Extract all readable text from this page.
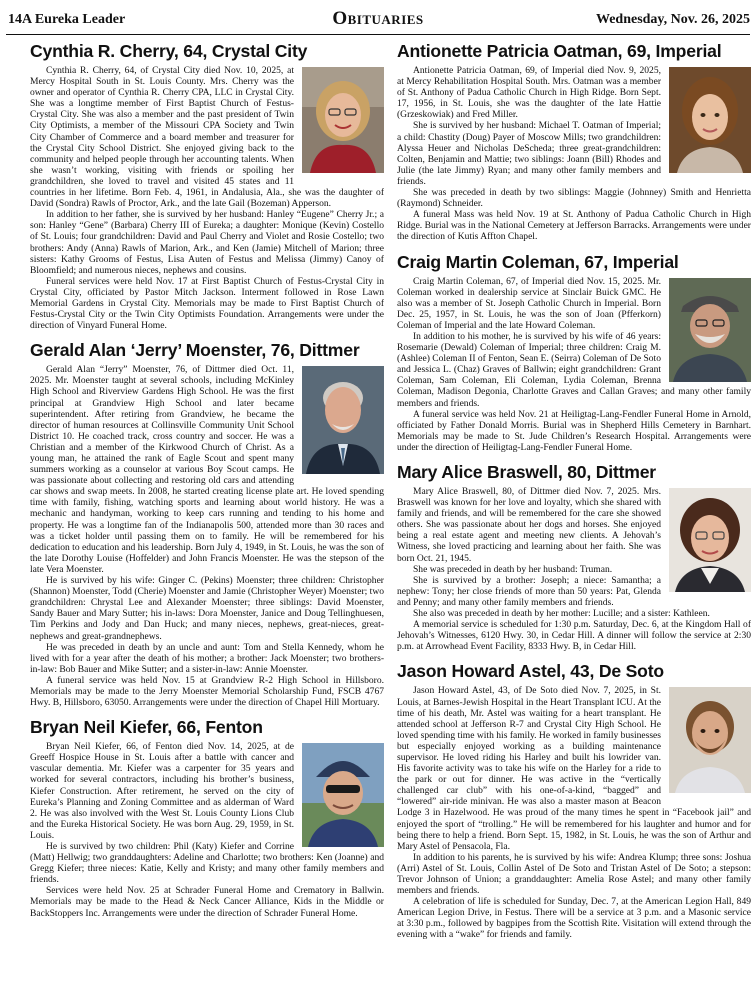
14A Eureka Leader	Obituaries	Wednesday, Nov. 26, 2025
Cynthia R. Cherry, 64, Crystal City

Cynthia R. Cherry, 64, of Crystal City died Nov. 10, 2025, at Mercy Hospital South in St. Louis County. Mrs. Cherry was the owner and operator of Cynthia R. Cherry CPA, LLC in Crystal City. She was a longtime member of First Baptist Church of Festus-Crystal City. She was also a member and the past president of Twin City Optimists, a member of the Missouri CPA Society and Twin City Chamber of Commerce and a board member and treasurer for the Crystal City School District. She enjoyed giving back to the community and helped people through her accounting talents. When she wasn’t working, visiting with friends or spoiling her grandchildren, she loved to travel and visited 45 states and 11 countries in her lifetime. Born Feb. 4, 1961, in Andalusia, Ala., she was the daughter of David (Sondra) Rawls of Proctor, Ark., and the late Gail (Bozeman) Apperson.

In addition to her father, she is survived by her husband: Hanley “Eugene” Cherry Jr.; a son: Hanley “Gene” (Barbara) Cherry III of Eureka; a daughter: Monique (Kevin) Costello of St. Louis; four grandchildren: David and Paul Cherry and Violet and Rosie Costello; two brothers: Andy (Anna) Rawls of Marion, Ark., and Ken (Jamie) Mitchell of Marion; three sisters: Kathy Grooms of Festus, Lisa Auten of Festus and Melissa (Jimmy) Canoy of Bloomfield; and numerous nieces, nephews and cousins.

Funeral services were held Nov. 17 at First Baptist Church of Festus-Crystal City in Crystal City, officiated by Pastor Mitch Jackson. Interment followed in Rose Lawn Memorial Gardens in Crystal City. Memorials may be made to First Baptist Church of Festus-Crystal City or the Twin City Optimists Foundation. Arrangements were under the direction of Vinyard Funeral Home.

Gerald Alan ‘Jerry’ Moenster, 76, Dittmer

Gerald Alan “Jerry” Moenster, 76, of Dittmer died Oct. 11, 2025. Mr. Moenster taught at several schools, including McKinley High School and Riverview Gardens High School. He was the first principal at Grandview High School and later became superintendent. After retiring from Grandview, he became the director of human resources at Collinsville Community Unit School District 10. He coached track, cross country and soccer. He was a Christian and a member of the Kirkwood Church of Christ. As a young man, he attained the rank of Eagle Scout and spent many summers working as a counselor at various Boy Scout camps. He was passionate about collecting and restoring old cars and attending car shows and swap meets. In 2008, he started creating license plate art. He loved spending time with family, fishing, watching sports and learning about world history. He was a mechanic and handyman, working to keep cars running and tending to his home and property. He was a longtime fan of the Indianapolis 500, attended more than 30 races and was a ticket holder until passing them on to family. He will be remembered for his dedication to education and his leadership. Born July 4, 1949, in St. Louis, he was the son of the late Dorothy Louise (Hoffelder) and John Francis Moenster. He was the stepson of the late Vera Moenster.

He is survived by his wife: Ginger C. (Pekins) Moenster; three children: Christopher (Shannon) Moenster, Todd (Cherie) Moenster and Jamie (Christopher Weyer) Moenster; two grandchildren: Chrystal Lee and Alexander Moenster; three siblings: David Moenster, Sandy Bauer and Mary Sutter; his in-laws: Dora Moenster, Janice and Doug Tellinghuesen, Tim Perkins and Jody and Dan Huck; and many nieces, nephews, great-nieces, great-nephews and great-grandnephews.

He was preceded in death by an uncle and aunt: Tom and Stella Kennedy, whom he lived with for a year after the death of his mother; a brother: Jack Moenster; two brothers-in-law: Bob Bauer and Mike Sutter; and a sister-in-law: Annie Moenster.

A funeral service was held Nov. 15 at Grandview R-2 High School in Hillsboro. Memorials may be made to the Jerry Moenster Memorial Scholarship Fund, FSCB 4767 Hwy. B, Hillsboro, 63050. Arrangements were under the direction of Chapel Hill Mortuary.

Bryan Neil Kiefer, 66, Fenton

Bryan Neil Kiefer, 66, of Fenton died Nov. 14, 2025, at de Greeff Hospice House in St. Louis after a battle with cancer and vascular dementia. Mr. Kiefer was a carpenter for 35 years and worked for several contractors, including his brother’s business, Kiefer Construction. After retirement, he served on the city of Eureka’s Planning and Zoning Committee and as alderman of Ward 2. He was also involved with the West St. Louis County Lions Club and the Eureka Historical Society. He was born Aug. 29, 1959, in St. Louis.

He is survived by two children: Phil (Katy) Kiefer and Corrine (Matt) Hellwig; two granddaughters: Adeline and Charlotte; two brothers: Ken (Joanne) and Gregg Kiefer; three nieces: Katie, Kelly and Kristy; and many other family members and friends.

Services were held Nov. 25 at Schrader Funeral Home and Crematory in Ballwin. Memorials may be made to the Head & Neck Cancer Alliance, Kids in the Middle or BackStoppers Inc. Arrangements were under the direction of Schrader Funeral Home.

Antionette Patricia Oatman, 69, Imperial

Antionette Patricia Oatman, 69, of Imperial died Nov. 9, 2025, at Mercy Rehabilitation Hospital South. Mrs. Oatman was a member of St. Anthony of Padua Catholic Church in High Ridge. Born Sept. 17, 1956, in St. Louis, she was the daughter of the late Hattie (Grzeskowiak) and Fred Miller.

She is survived by her husband: Michael T. Oatman of Imperial; a child: Chastity (Doug) Payer of Moscow Mills; two grandchildren: Alyssa Heuer and Nicholas DeScheda; three great-grandchildren: Colten, Benjamin and Mattie; two siblings: Joann (Bill) Rhodes and Julie (the late Jimmy) Ryan; and many other family members and friends.

She was preceded in death by two siblings: Maggie (Johnney) Smith and Henrietta (Raymond) Schneider.

A funeral Mass was held Nov. 19 at St. Anthony of Padua Catholic Church in High Ridge. Burial was in the National Cemetery at Jefferson Barracks. Arrangements were under the direction of Kutis Affton Chapel.

Craig Martin Coleman, 67, Imperial

Craig Martin Coleman, 67, of Imperial died Nov. 15, 2025. Mr. Coleman worked in dealership service at Sinclair Buick GMC. He also was a member of St. Joseph Catholic Church in Imperial. Born Dec. 25, 1957, in St. Louis, he was the son of Joan (Pfferkorn) Coleman of Imperial and the late Howard Coleman.

In addition to his mother, he is survived by his wife of 46 years: Rosemarie (Dewald) Coleman of Imperial; three children: Craig M. (Ashlee) Coleman II of Fenton, Sean E. (Seirra) Coleman of De Soto and Jessica L. (Chaz) Graves of Ballwin; eight grandchildren: Grant Coleman, Sam Coleman, Eli Coleman, Lydia Coleman, Brenna Coleman, Madison Degonia, Charlotte Graves and Callan Graves; and many other family members and friends.

A funeral service was held Nov. 21 at Heiligtag-Lang-Fendler Funeral Home in Arnold, officiated by Father Donald Morris. Burial was in Shepherd Hills Cemetery in Barnhart. Memorials may be made to St. Jude Children’s Research Hospital. Arrangements were under the direction of Heiligtag-Lang-Fendler Funeral Home.

Mary Alice Braswell, 80, Dittmer

Mary Alice Braswell, 80, of Dittmer died Nov. 7, 2025. Mrs. Braswell was known for her love and loyalty, which she shared with family and friends, and will be remembered for the care she showed others. She was passionate about her dogs and horses. She enjoyed being a real estate agent and meeting new clients. A Jehovah’s Witness, she loved practicing and learning about her faith. She was born Oct. 21, 1945.

She was preceded in death by her husband: Truman.

She is survived by a brother: Joseph; a niece: Samantha; a nephew: Tony; her close friends of more than 50 years: Pat, Glenda and Penny; and many other family members and friends.

She also was preceded in death by her mother: Lucille; and a sister: Kathleen.

A memorial service is scheduled for 1:30 p.m. Saturday, Dec. 6, at the Kingdom Hall of Jehovah’s Witnesses, 6120 Hwy. 30, in Cedar Hill. A dinner will follow the service at 2:30 p.m. at Arrowhead Event Facility, 8333 Hwy. B, in Cedar Hill.

Jason Howard Astel, 43, De Soto

Jason Howard Astel, 43, of De Soto died Nov. 7, 2025, in St. Louis, at Barnes-Jewish Hospital in the Heart Transplant ICU. At the time of his death, Mr. Astel was waiting for a heart transplant. He attended school at Jefferson R-7 and Crystal City High School. He loved spending time with his family. He worked in family businesses but especially enjoyed working as a building maintenance supervisor. He loved riding his Harley and built his lowrider van. His favorite activity was to take his wife on the Harley for a ride to the park or out for dinner. He was active in the “vertically challenged car club” with his one-of-a-kind, “bagged” and “lowered” air-ride minivan. He was also a master mason at Beacon Lodge 3 in Hazelwood. He was proud of the many times he spent in “Facebook jail” and enjoyed the sport of “trolling.” He will be remembered for his laughter and humor and for being there to help a friend. Born Sept. 15, 1982, in St. Louis, he was the son of Arthur and Mary Astel of Pensacola, Fla.

In addition to his parents, he is survived by his wife: Andrea Klump; three sons: Joshua (Arri) Astel of St. Louis, Collin Astel of De Soto and Tristan Astel of De Soto; a stepson: Trevor Johnson of Union; a granddaughter: Amelia Rose Astel; and many other family members and friends.

A celebration of life is scheduled for Sunday, Dec. 7, at the American Legion Hall, 849 American Legion Drive, in Festus. There will be a service at 3 p.m. and a Masonic service at 3:30 p.m., followed by bagpipes from the Scottish Rite. Visitation will extend through the evening with a “wake” for friends and family.
